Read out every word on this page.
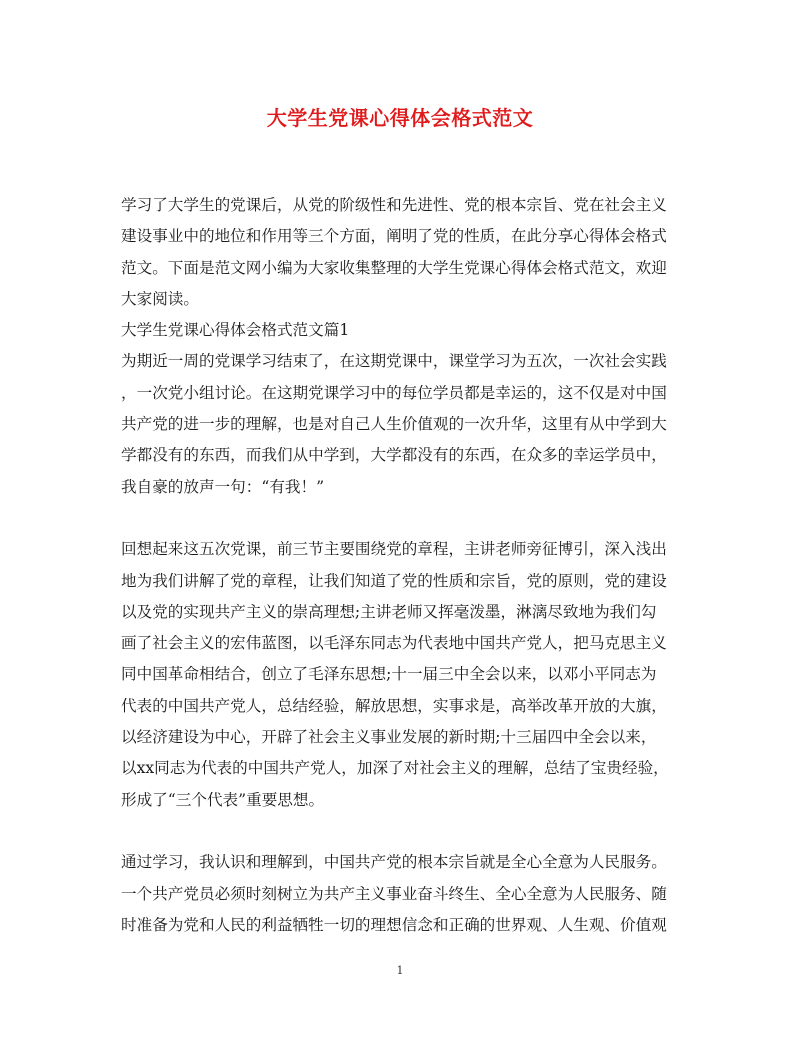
大学生党课心得体会格式范文
学习了大学生的党课后，从党的阶级性和先进性、党的根本宗旨、党在社会主义
建设事业中的地位和作用等三个方面，阐明了党的性质，在此分享心得体会格式
范文。下面是范文网小编为大家收集整理的大学生党课心得体会格式范文，欢迎
大家阅读。
大学生党课心得体会格式范文篇1
为期近一周的党课学习结束了，在这期党课中，课堂学习为五次，一次社会实践
，一次党小组讨论。在这期党课学习中的每位学员都是幸运的，这不仅是对中国
共产党的进一步的理解，也是对自己人生价值观的一次升华，这里有从中学到大
学都没有的东西，而我们从中学到，大学都没有的东西，在众多的幸运学员中，
我自豪的放声一句：“有我！”
回想起来这五次党课，前三节主要围绕党的章程，主讲老师旁征博引，深入浅出
地为我们讲解了党的章程，让我们知道了党的性质和宗旨，党的原则，党的建设
以及党的实现共产主义的崇高理想;主讲老师又挥毫泼墨，淋漓尽致地为我们勾
画了社会主义的宏伟蓝图，以毛泽东同志为代表地中国共产党人，把马克思主义
同中国革命相结合，创立了毛泽东思想;十一届三中全会以来，以邓小平同志为
代表的中国共产党人，总结经验，解放思想，实事求是，高举改革开放的大旗，
以经济建设为中心，开辟了社会主义事业发展的新时期;十三届四中全会以来，
以xx同志为代表的中国共产党人，加深了对社会主义的理解，总结了宝贵经验，
形成了“三个代表”重要思想。
通过学习，我认识和理解到，中国共产党的根本宗旨就是全心全意为人民服务。
一个共产党员必须时刻树立为共产主义事业奋斗终生、全心全意为人民服务、随
时准备为党和人民的利益牺牲一切的理想信念和正确的世界观、人生观、价值观
1
